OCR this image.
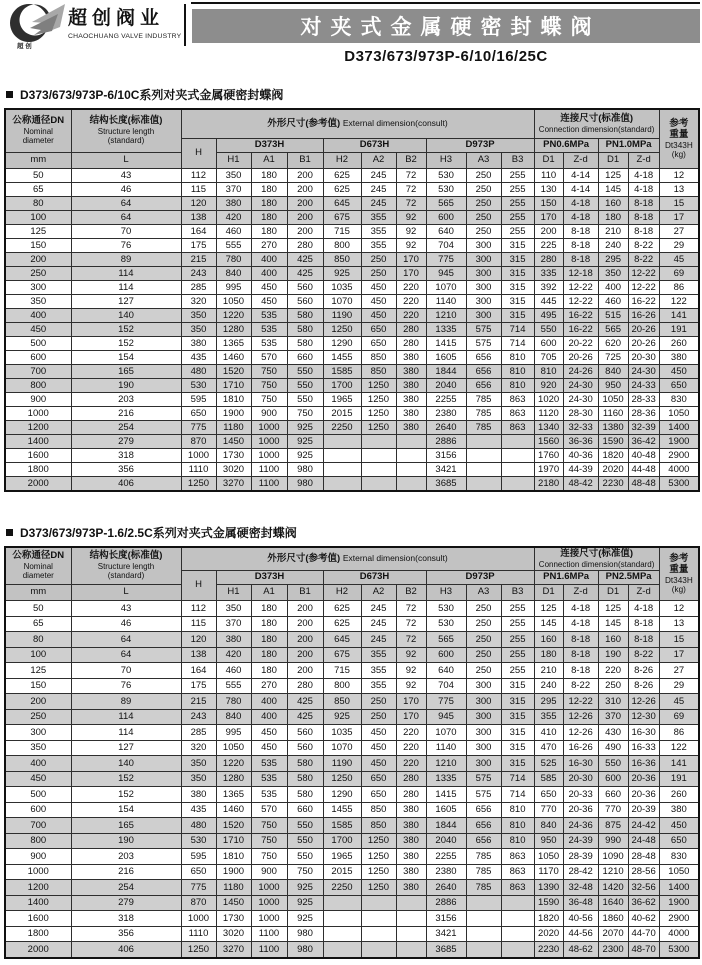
超 创
超创阀业
CHAOCHUANG VALVE INDUSTRY	对夹式金属硬密封蝶阀
D373/673/973P-6/10/16/25C
D373/673/973P-6/10C系列对夹式金属硬密封蝶阀
公称通径DN
Nominal
diameter	结构长度(标准值)
Structure length
(standard)	外形尺寸(参考值) External dimension(consult)										连接尺寸(标准值)
Connection dimension(standard)				参考
重量
Dt343H
(kg)

		H	D373H			D673H			D973P			PN0.6MPa		PN1.0MPa		
mm	L		H1	A1	B1	H2	A2	B2	H3	A3	B3	D1	Z-d	D1	Z-d	
50	43	112	350	180	200	625	245	72	530	250	255	110	4-14	125	4-18	12
65	46	115	370	180	200	625	245	72	530	250	255	130	4-14	145	4-18	13
80	64	120	380	180	200	645	245	72	565	250	255	150	4-18	160	8-18	15
100	64	138	420	180	200	675	355	92	600	250	255	170	4-18	180	8-18	17
125	70	164	460	180	200	715	355	92	640	250	255	200	8-18	210	8-18	27
150	76	175	555	270	280	800	355	92	704	300	315	225	8-18	240	8-22	29
200	89	215	780	400	425	850	250	170	775	300	315	280	8-18	295	8-22	45
250	114	243	840	400	425	925	250	170	945	300	315	335	12-18	350	12-22	69
300	114	285	995	450	560	1035	450	220	1070	300	315	392	12-22	400	12-22	86
350	127	320	1050	450	560	1070	450	220	1140	300	315	445	12-22	460	16-22	122
400	140	350	1220	535	580	1190	450	220	1210	300	315	495	16-22	515	16-26	141
450	152	350	1280	535	580	1250	650	280	1335	575	714	550	16-22	565	20-26	191
500	152	380	1365	535	580	1290	650	280	1415	575	714	600	20-22	620	20-26	260
600	154	435	1460	570	660	1455	850	380	1605	656	810	705	20-26	725	20-30	380
700	165	480	1520	750	550	1585	850	380	1844	656	810	810	24-26	840	24-30	450
800	190	530	1710	750	550	1700	1250	380	2040	656	810	920	24-30	950	24-33	650
900	203	595	1810	750	550	1965	1250	380	2255	785	863	1020	24-30	1050	28-33	830
1000	216	650	1900	900	750	2015	1250	380	2380	785	863	1120	28-30	1160	28-36	1050
1200	254	775	1180	1000	925	2250	1250	380	2640	785	863	1340	32-33	1380	32-39	1400
1400	279	870	1450	1000	925				2886			1560	36-36	1590	36-42	1900
1600	318	1000	1730	1000	925				3156			1760	40-36	1820	40-48	2900
1800	356	1110	3020	1100	980				3421			1970	44-39	2020	44-48	4000
2000	406	1250	3270	1100	980				3685			2180	48-42	2230	48-48	5300
D373/673/973P-1.6/2.5C系列对夹式金属硬密封蝶阀
公称通径DN
Nominal
diameter	结构长度(标准值)
Structure length
(standard)	外形尺寸(参考值) External dimension(consult)										连接尺寸(标准值)
Connection dimension(standard)				参考
重量
Dt343H
(kg)

		H	D373H			D673H			D973P			PN1.6MPa		PN2.5MPa		
mm	L		H1	A1	B1	H2	A2	B2	H3	A3	B3	D1	Z-d	D1	Z-d	
50	43	112	350	180	200	625	245	72	530	250	255	125	4-18	125	4-18	12
65	46	115	370	180	200	625	245	72	530	250	255	145	4-18	145	8-18	13
80	64	120	380	180	200	645	245	72	565	250	255	160	8-18	160	8-18	15
100	64	138	420	180	200	675	355	92	600	250	255	180	8-18	190	8-22	17
125	70	164	460	180	200	715	355	92	640	250	255	210	8-18	220	8-26	27
150	76	175	555	270	280	800	355	92	704	300	315	240	8-22	250	8-26	29
200	89	215	780	400	425	850	250	170	775	300	315	295	12-22	310	12-26	45
250	114	243	840	400	425	925	250	170	945	300	315	355	12-26	370	12-30	69
300	114	285	995	450	560	1035	450	220	1070	300	315	410	12-26	430	16-30	86
350	127	320	1050	450	560	1070	450	220	1140	300	315	470	16-26	490	16-33	122
400	140	350	1220	535	580	1190	450	220	1210	300	315	525	16-30	550	16-36	141
450	152	350	1280	535	580	1250	650	280	1335	575	714	585	20-30	600	20-36	191
500	152	380	1365	535	580	1290	650	280	1415	575	714	650	20-33	660	20-36	260
600	154	435	1460	570	660	1455	850	380	1605	656	810	770	20-36	770	20-39	380
700	165	480	1520	750	550	1585	850	380	1844	656	810	840	24-36	875	24-42	450
800	190	530	1710	750	550	1700	1250	380	2040	656	810	950	24-39	990	24-48	650
900	203	595	1810	750	550	1965	1250	380	2255	785	863	1050	28-39	1090	28-48	830
1000	216	650	1900	900	750	2015	1250	380	2380	785	863	1170	28-42	1210	28-56	1050
1200	254	775	1180	1000	925	2250	1250	380	2640	785	863	1390	32-48	1420	32-56	1400
1400	279	870	1450	1000	925				2886			1590	36-48	1640	36-62	1900
1600	318	1000	1730	1000	925				3156			1820	40-56	1860	40-62	2900
1800	356	1110	3020	1100	980				3421			2020	44-56	2070	44-70	4000
2000	406	1250	3270	1100	980				3685			2230	48-62	2300	48-70	5300
